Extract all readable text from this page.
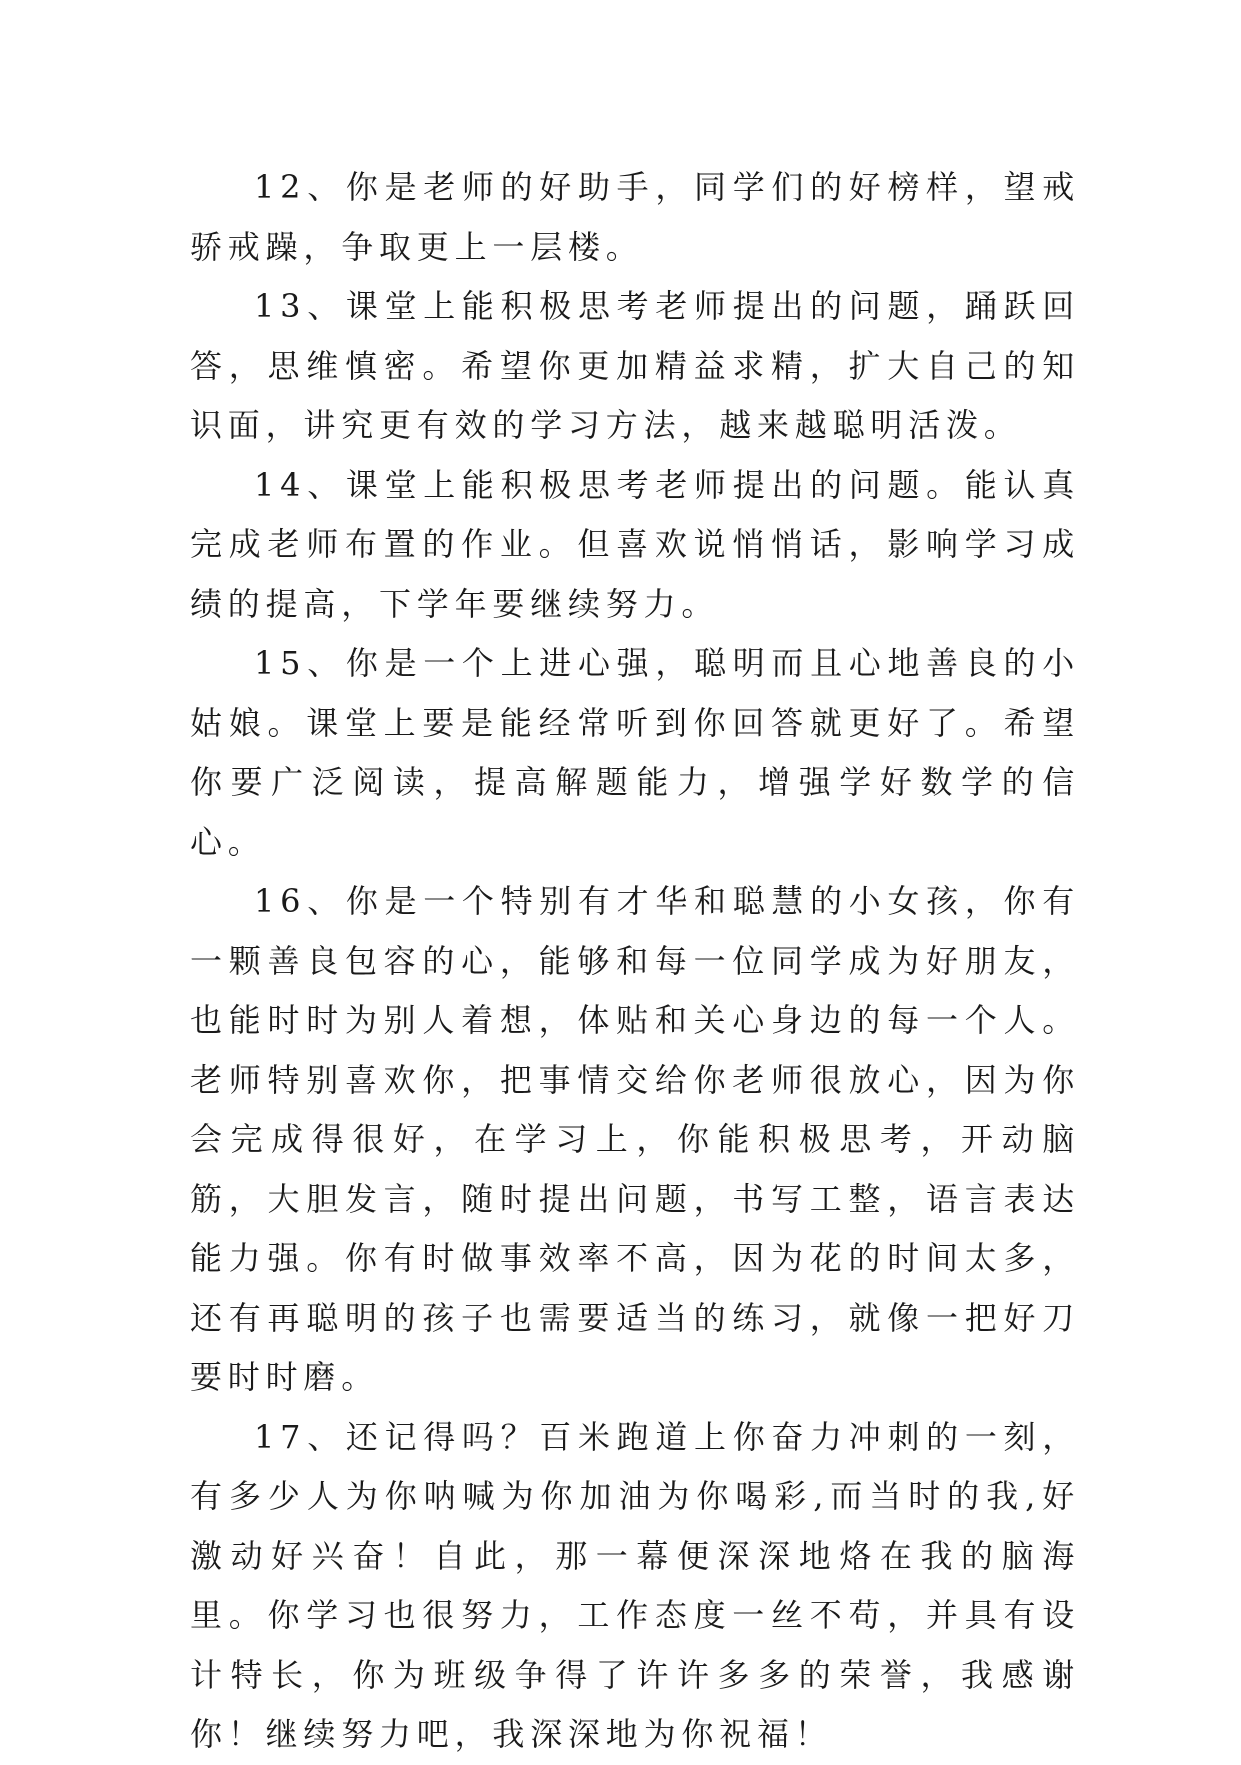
12、你是老师的好助手，同学们的好榜样，望戒骄戒躁，争取更上一层楼。

13、课堂上能积极思考老师提出的问题，踊跃回答，思维慎密。希望你更加精益求精，扩大自己的知识面，讲究更有效的学习方法，越来越聪明活泼。

14、课堂上能积极思考老师提出的问题。能认真完成老师布置的作业。但喜欢说悄悄话，影响学习成绩的提高，下学年要继续努力。

15、你是一个上进心强，聪明而且心地善良的小姑娘。课堂上要是能经常听到你回答就更好了。希望你要广泛阅读，提高解题能力，增强学好数学的信心。

16、你是一个特别有才华和聪慧的小女孩，你有一颗善良包容的心，能够和每一位同学成为好朋友，也能时时为别人着想，体贴和关心身边的每一个人。老师特别喜欢你，把事情交给你老师很放心，因为你会完成得很好，在学习上，你能积极思考，开动脑筋，大胆发言，随时提出问题，书写工整，语言表达能力强。你有时做事效率不高，因为花的时间太多，还有再聪明的孩子也需要适当的练习，就像一把好刀要时时磨。

17、还记得吗？百米跑道上你奋力冲刺的一刻，有多少人为你呐喊为你加油为你喝彩,而当时的我,好激动好兴奋！自此，那一幕便深深地烙在我的脑海里。你学习也很努力，工作态度一丝不苟，并具有设计特长，你为班级争得了许许多多的荣誉，我感谢你！继续努力吧，我深深地为你祝福！
